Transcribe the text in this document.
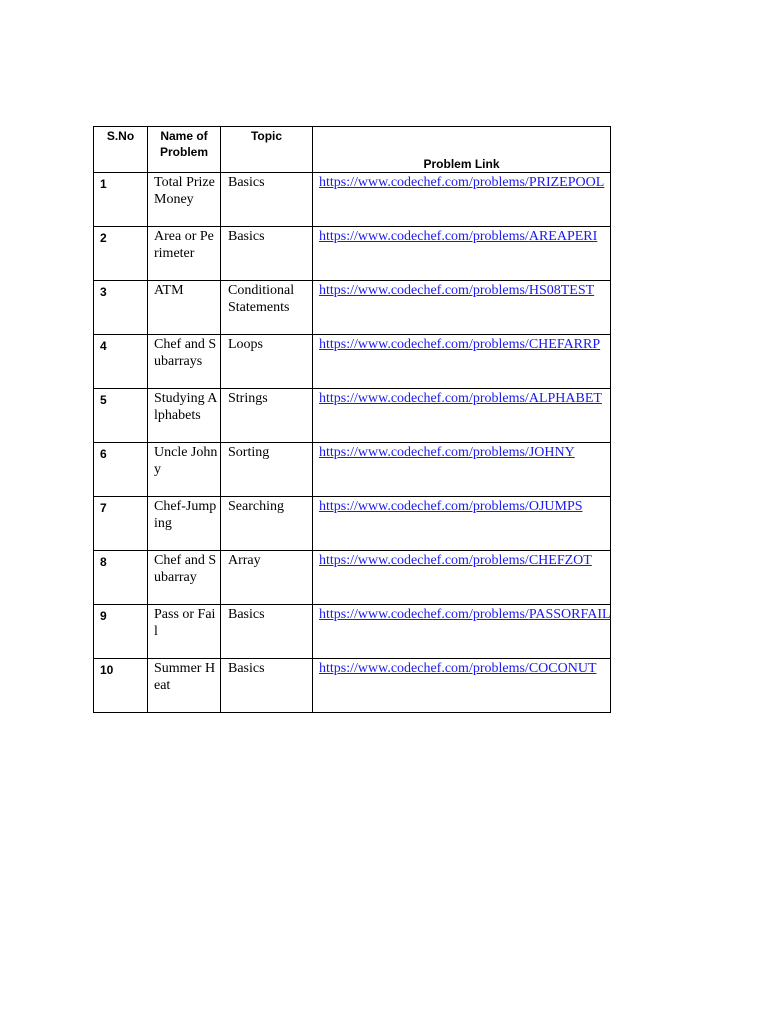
S.No	Name of Problem	Topic	Problem Link

1	Total Prize Money	Basics	https://www.codechef.com/problems/PRIZEPOOL

2	Area or Perimeter	Basics	https://www.codechef.com/problems/AREAPERI

3	ATM	Conditional Statements	https://www.codechef.com/problems/HS08TEST

4	Chef and Subarrays	Loops	https://www.codechef.com/problems/CHEFARRP

5	Studying Alphabets	Strings	https://www.codechef.com/problems/ALPHABET

6	Uncle Johny	Sorting	https://www.codechef.com/problems/JOHNY

7	Chef-Jumping	Searching	https://www.codechef.com/problems/OJUMPS

8	Chef and Subarray	Array	https://www.codechef.com/problems/CHEFZOT

9	Pass or Fail	Basics	https://www.codechef.com/problems/PASSORFAIL

10	Summer Heat	Basics	https://www.codechef.com/problems/COCONUT
